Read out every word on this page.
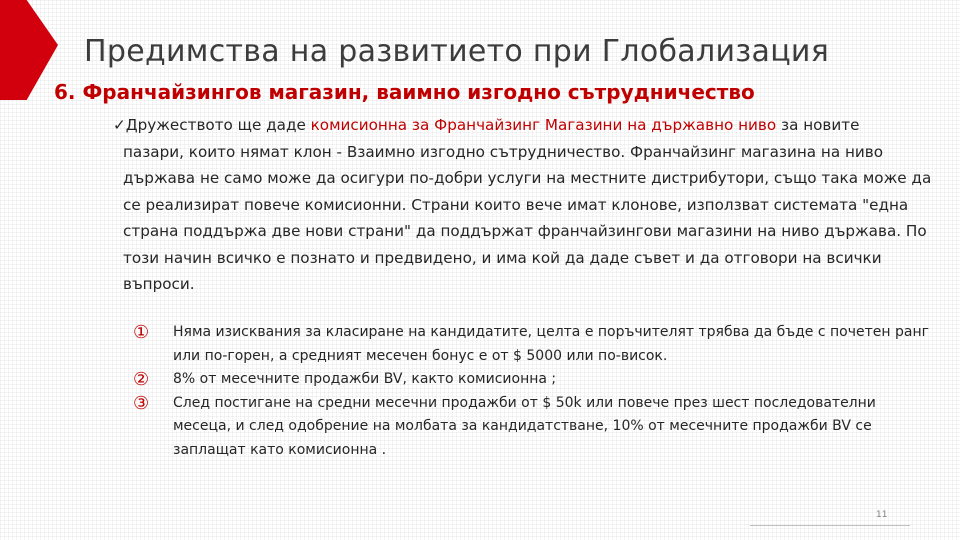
Предимства на развитието при Глобализация
6. Франчайзингов магазин, ваимно изгодно сътрудничество
✓Дружеството ще даде комисионна за Франчайзинг Магазини на държавно ниво за новите
пазари, които нямат клон - Взаимно изгодно сътрудничество. Франчайзинг магазина на ниво държава не само може да осигури по-добри услуги на местните дистрибутори, също така може да се реализират повече комисионни. Страни които вече имат клонове, използват системата "една страна поддържа две нови страни" да поддържат франчайзингови магазини на ниво държава. По този начин всичко е познато и предвидено, и има кой да даде съвет и да отговори на всички въпроси.
①	Няма изисквания за класиране на кандидатите, целта е поръчителят трябва да бъде с почетен ранг или по-горен, а средният месечен бонус е от $ 5000 или по-висок.
②	8% от месечните продажби BV, както комисионна ;
③	След постигане на средни месечни продажби от $ 50k или повече през шест последователни месеца, и след одобрение на молбата за кандидатстване, 10% от месечните продажби BV се заплащат като комисионна .
11
